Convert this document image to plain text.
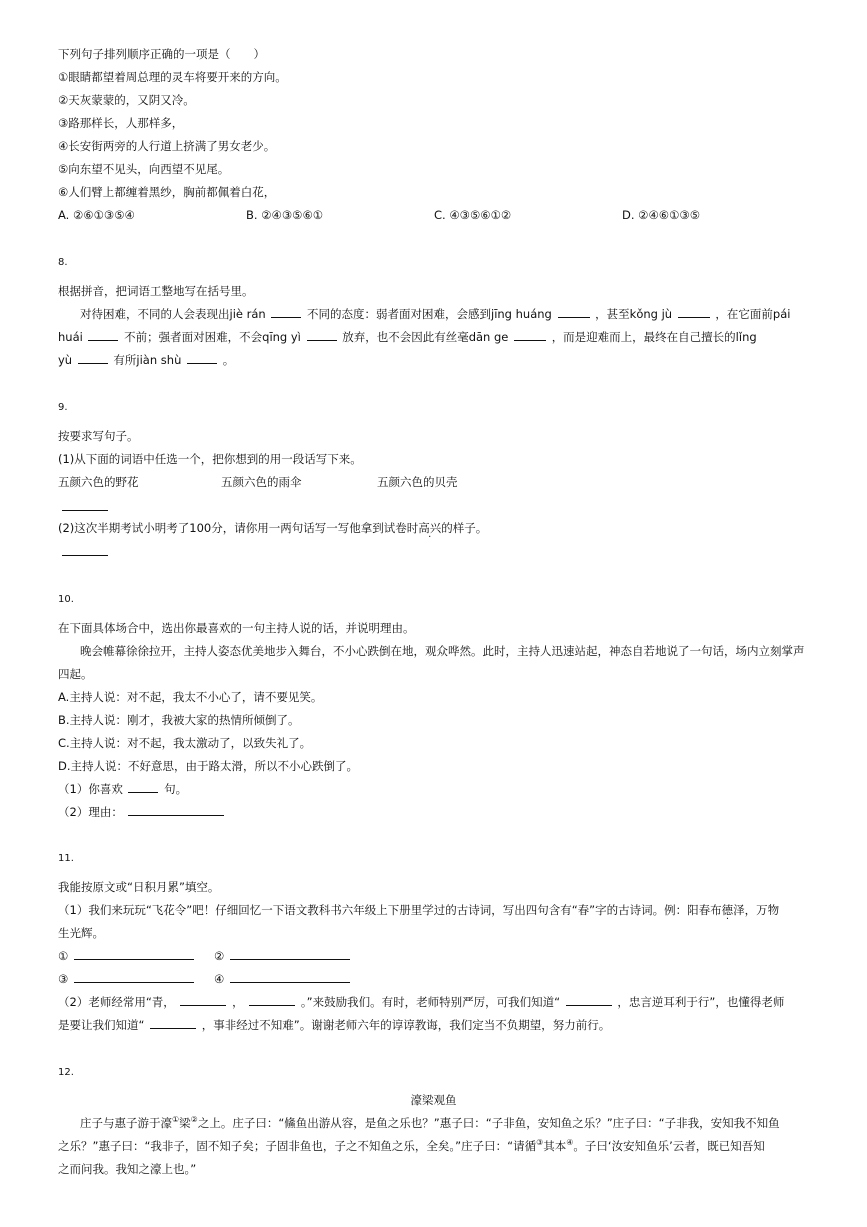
下列句子排列顺序正确的一项是（　　）
①眼睛都望着周总理的灵车将要开来的方向。
②天灰蒙蒙的，又阴又冷。
③路那样长，人那样多，
④长安街两旁的人行道上挤满了男女老少。
⑤向东望不见头，向西望不见尾。
⑥人们臂上都缠着黑纱，胸前都佩着白花，
A. ②⑥①③⑤④	B. ②④③⑤⑥①	C. ④③⑤⑥①②	D. ②④⑥①③⑤
8.
根据拼音，把词语工整地写在括号里。
对待困难，不同的人会表现出jiè rán	不同的态度：弱者面对困难，会感到jīng huáng	，甚至kǒng jù	，在它面前pái
huái	不前；强者面对困难，不会qīng yì	放弃，也不会因此有丝毫dān ge	，而是迎难而上，最终在自己擅长的lǐng
yù	有所jiàn shù	。
9.
按要求写句子。
(1)从下面的词语中任选一个，把你想到的用一段话写下来。
五颜六色的野花	五颜六色的雨伞	五颜六色的贝壳
(2)这次半期考试小明考了100分，请你用一两句话写一写他拿到试卷时高兴的样子。
10.
在下面具体场合中，选出你最喜欢的一句主持人说的话，并说明理由。
晚会帷幕徐徐拉开，主持人姿态优美地步入舞台，不小心跌倒在地，观众哗然。此时，主持人迅速站起，神态自若地说了一句话，场内立刻掌声
四起。
A.主持人说：对不起，我太不小心了，请不要见笑。
B.主持人说：刚才，我被大家的热情所倾倒了。
C.主持人说：对不起，我太激动了，以致失礼了。
D.主持人说：不好意思，由于路太滑，所以不小心跌倒了。
（1）你喜欢	句。
（2）理由：
11.
我能按原文或“日积月累”填空。
（1）我们来玩玩“飞花令”吧！仔细回忆一下语文教科书六年级上下册里学过的古诗词，写出四句含有“春”字的古诗词。例：阳春布德泽，万物
生光辉。
①	②
③	④
（2）老师经常用“青，	，	。”来鼓励我们。有时，老师特别严厉，可我们知道“	，忠言逆耳利于行”，也懂得老师
是要让我们知道“	，事非经过不知难”。谢谢老师六年的谆谆教诲，我们定当不负期望，努力前行。
12.
濠梁观鱼
庄子与惠子游于濠①梁②之上。庄子曰：“鯈鱼出游从容，是鱼之乐也？”惠子曰：“子非鱼，安知鱼之乐？”庄子曰：“子非我，安知我不知鱼
之乐？”惠子曰：“我非子，固不知子矣；子固非鱼也，子之不知鱼之乐，全矣。”庄子曰：“请循③其本④。子曰‘汝安知鱼乐’云者，既已知吾知
之而问我。我知之濠上也。”
